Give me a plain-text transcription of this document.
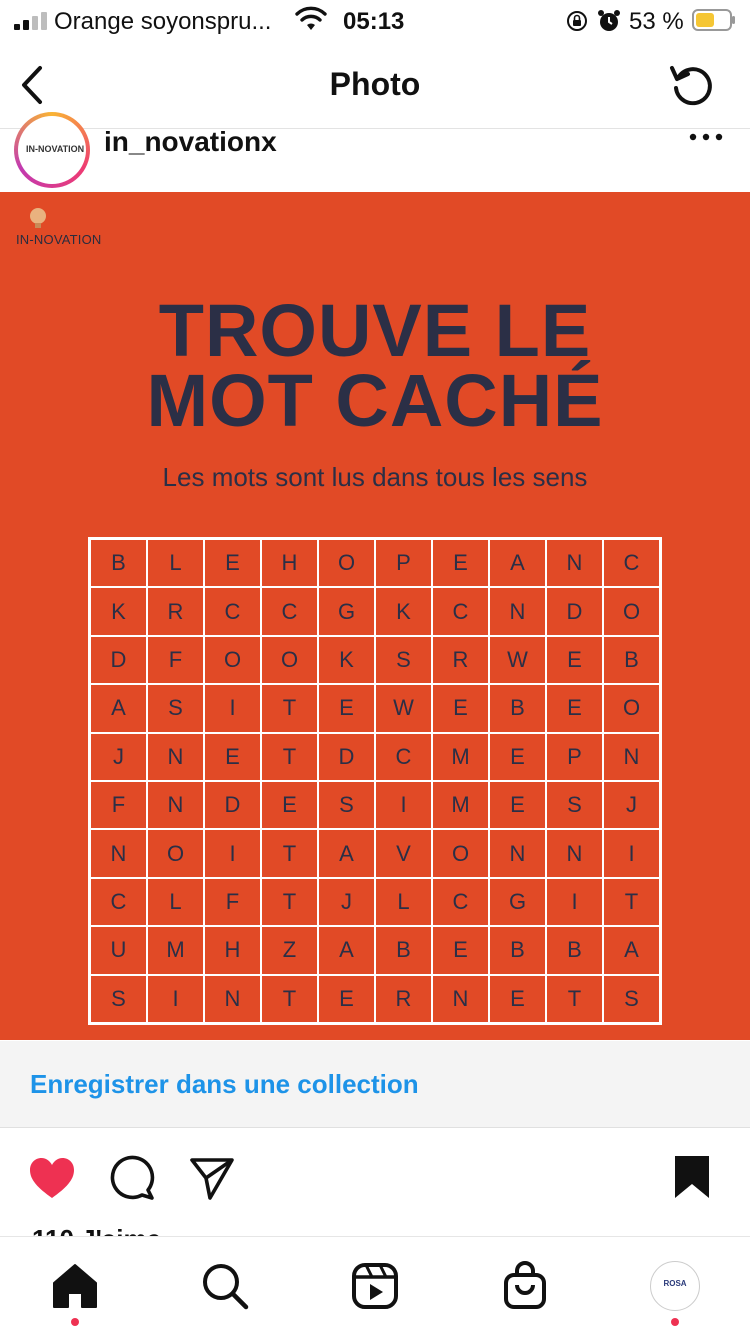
Orange soyonspru...	05:13	53 %
Photo
IN-NOVATION in_novationx
IN-NOVATION
TROUVE LE
MOT CACHÉ
Les mots sont lus dans tous les sens
B	L	E	H	O	P	E	A	N	C
K	R	C	C	G	K	C	N	D	O
D	F	O	O	K	S	R	W	E	B
A	S	I	T	E	W	E	B	E	O
J	N	E	T	D	C	M	E	P	N
F	N	D	E	S	I	M	E	S	J
N	O	I	T	A	V	O	N	N	I
C	L	F	T	J	L	C	G	I	T
U	M	H	Z	A	B	E	B	B	A
S	I	N	T	E	R	N	E	T	S
Enregistrer dans une collection
ROSA
